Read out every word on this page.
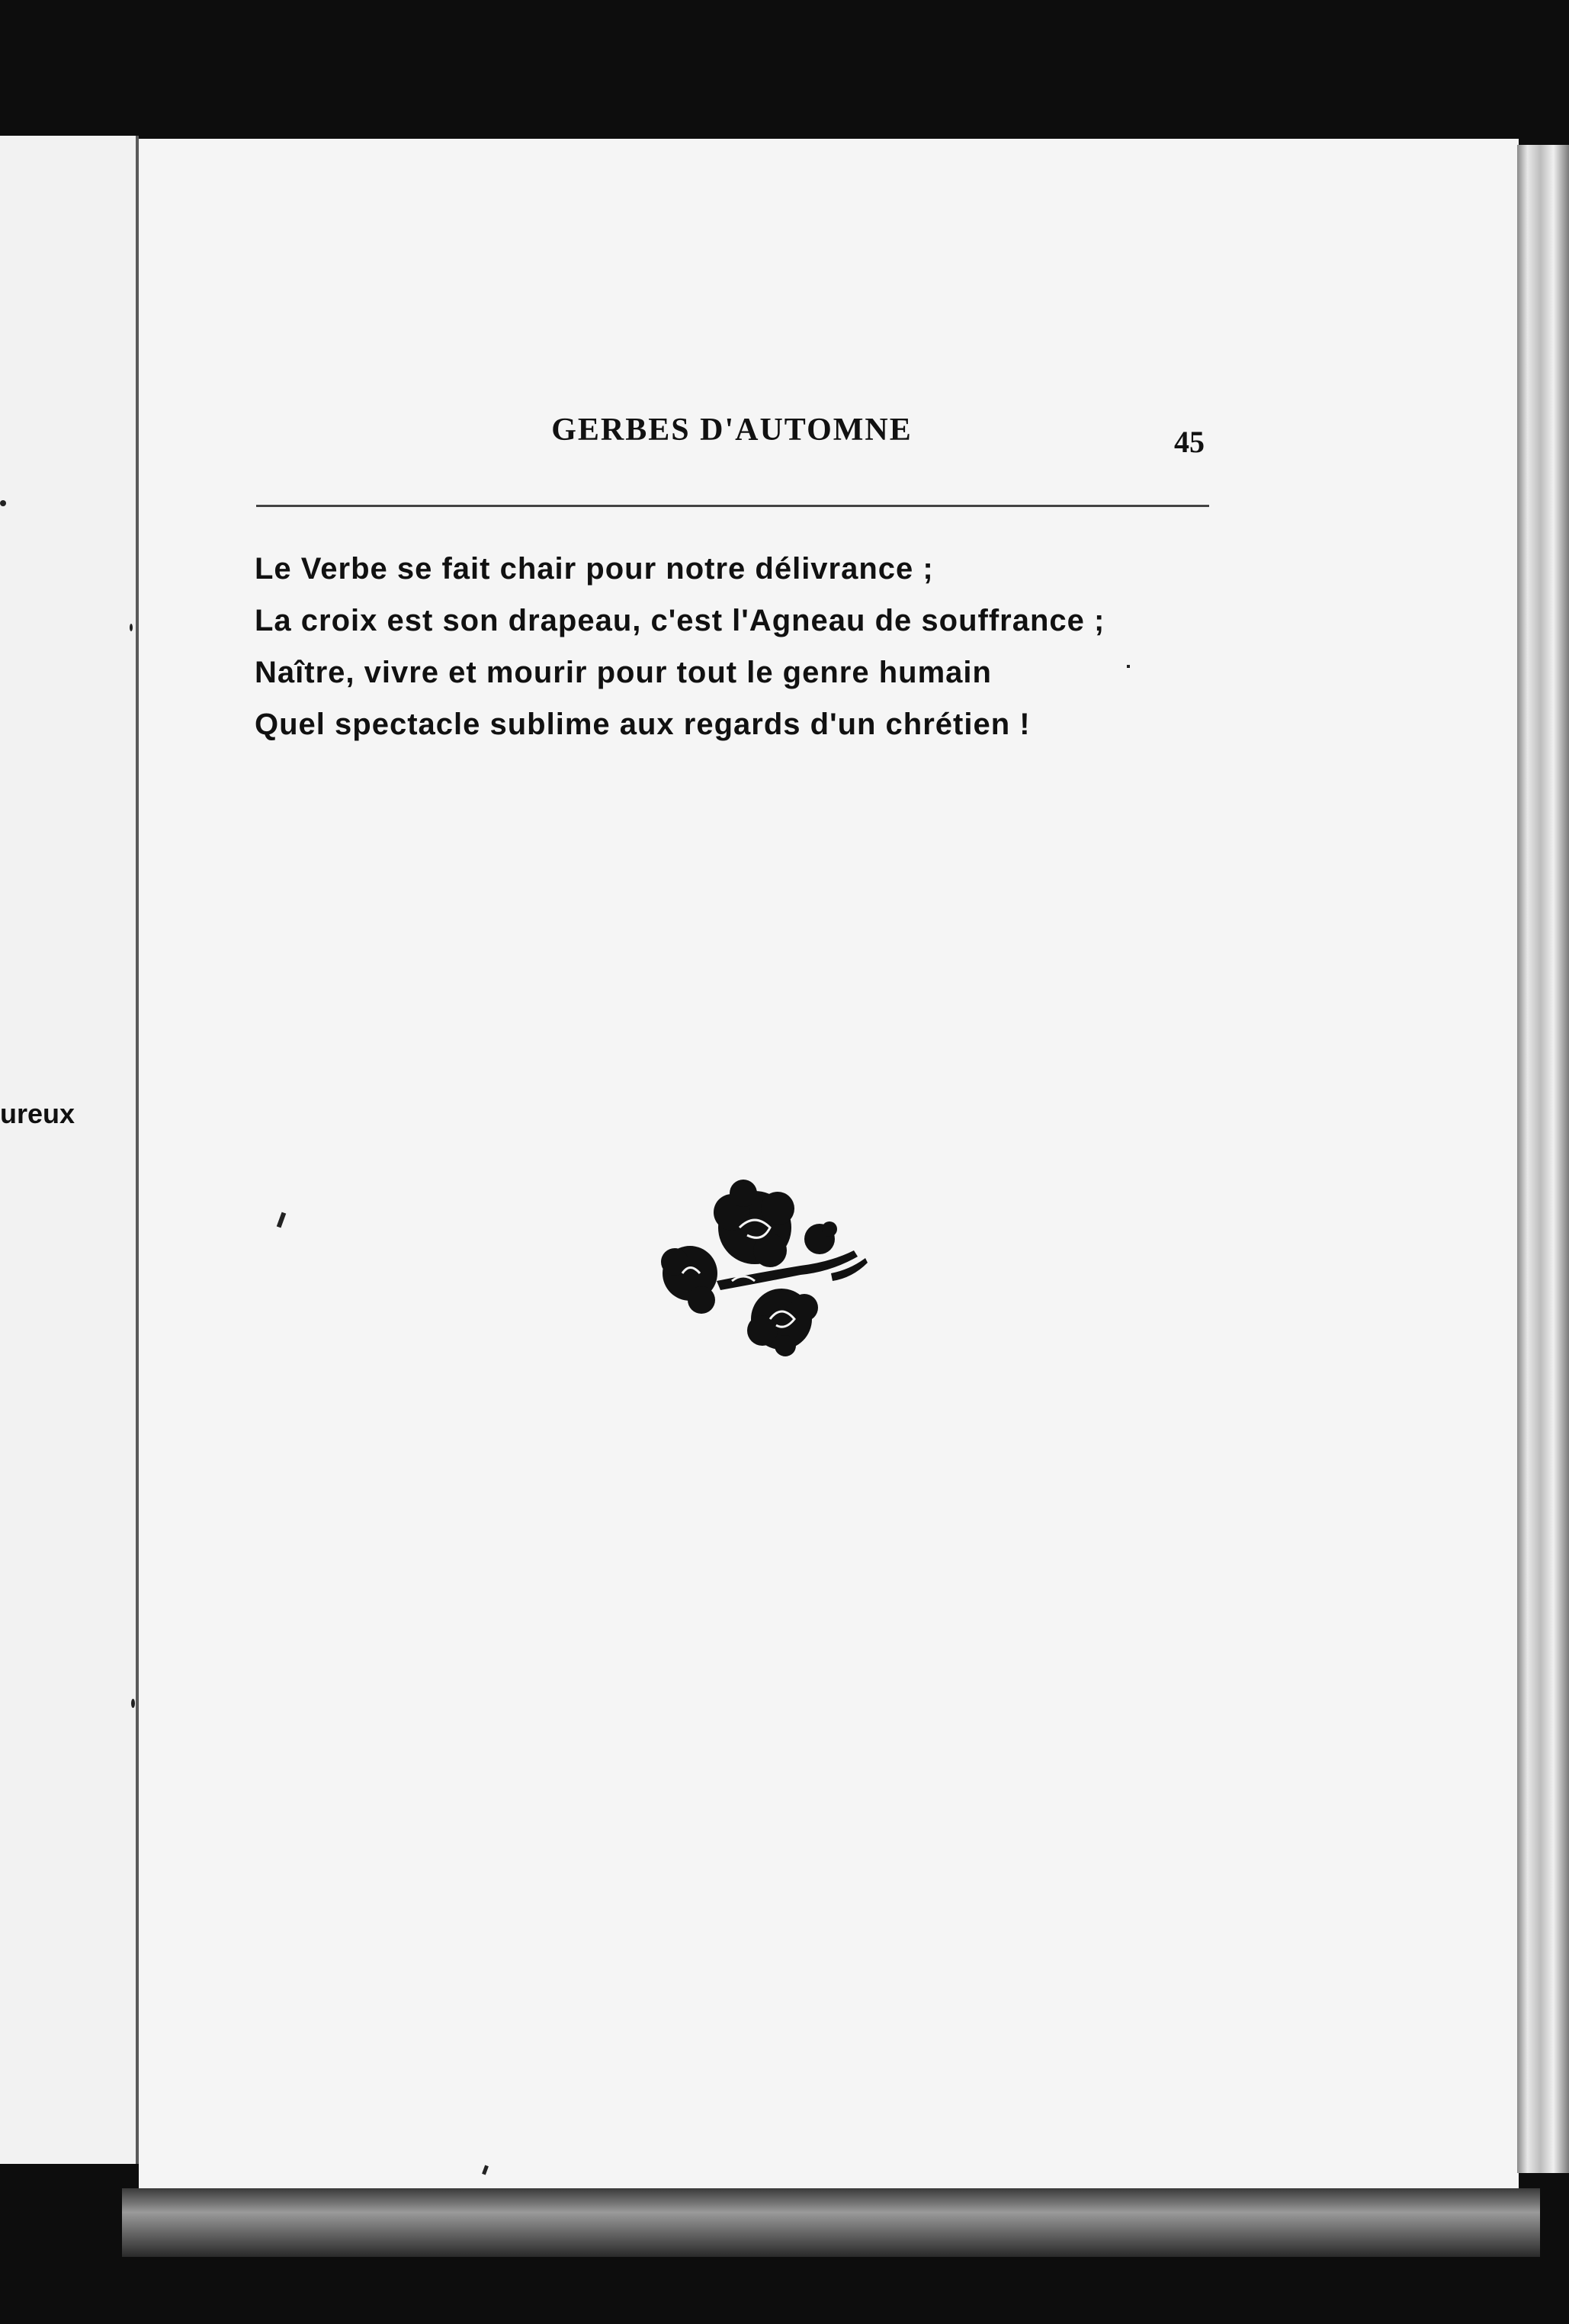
ureux
GERBES D'AUTOMNE	45
Le Verbe se fait chair pour notre délivrance ;
La croix est son drapeau, c'est l'Agneau de souffrance ;
Naître, vivre et mourir pour tout le genre humain
Quel spectacle sublime aux regards d'un chrétien !
